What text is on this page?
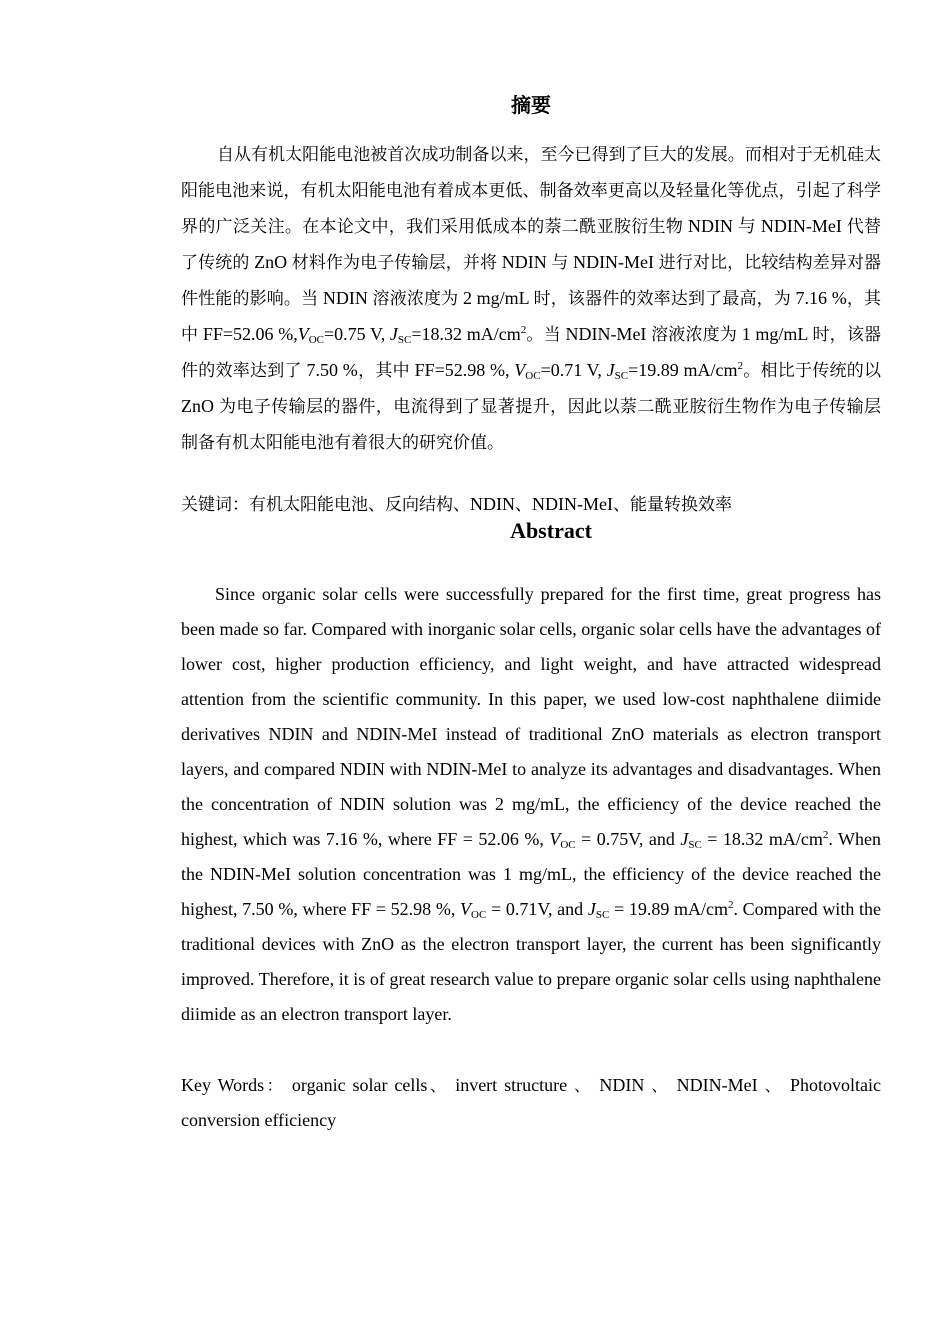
摘要

自从有机太阳能电池被首次成功制备以来，至今已得到了巨大的发展。而相对于无机硅太阳能电池来说，有机太阳能电池有着成本更低、制备效率更高以及轻量化等优点，引起了科学界的广泛关注。在本论文中，我们采用低成本的萘二酰亚胺衍生物 NDIN 与 NDIN-MeI 代替了传统的 ZnO 材料作为电子传输层，并将 NDIN 与 NDIN-MeI 进行对比，比较结构差异对器件性能的影响。当 NDIN 溶液浓度为 2 mg/mL 时，该器件的效率达到了最高，为 7.16 %，其中 FF=52.06 $\%,V_{OC}=0.75$ V, $J_{SC}=18.32$ $mA/cm^2$。当 NDIN-MeI 溶液浓度为 1 mg/mL 时，该器件的效率达到了 7.50 %，其中 FF=52.98 %, $V_{OC}=0.71$ V, $J_{SC}=19.89$ $mA/cm^2$。相比于传统的以 ZnO 为电子传输层的器件，电流得到了显著提升，因此以萘二酰亚胺衍生物作为电子传输层制备有机太阳能电池有着很大的研究价值。

关键词：有机太阳能电池、反向结构、NDIN、NDIN-MeI、能量转换效率

Abstract

Since organic solar cells were successfully prepared for the first time, great progress has been made so far. Compared with inorganic solar cells, organic solar cells have the advantages of lower cost, higher production efficiency, and light weight, and have attracted widespread attention from the scientific community. In this paper, we used low-cost naphthalene diimide derivatives NDIN and NDIN-MeI instead of traditional ZnO materials as electron transport layers, and compared NDIN with NDIN-MeI to analyze its advantages and disadvantages. When the concentration of NDIN solution was 2 mg/mL, the efficiency of the device reached the highest, which was 7.16 %, where FF = 52.06 %, $V_{OC} = 0.75V$, and $J_{SC} = 18.32$ $mA/cm^2$. When the NDIN-MeI solution concentration was 1 mg/mL, the efficiency of the device reached the highest, 7.50 %, where FF = 52.98 %, $V_{OC} = 0.71V$, and $J_{SC} = 19.89$ $mA/cm^2$. Compared with the traditional devices with ZnO as the electron transport layer, the current has been significantly improved. Therefore, it is of great research value to prepare organic solar cells using naphthalene diimide as an electron transport layer.

Key Words： organic solar cells、 invert structure 、 NDIN 、 NDIN-MeI 、 Photovoltaic conversion efficiency
